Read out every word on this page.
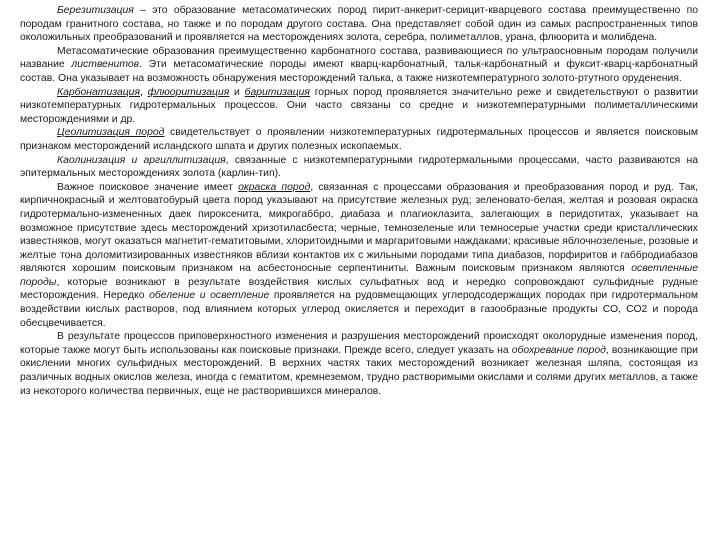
Березитизация – это образование метасоматических пород пирит-анкерит-серицит-кварцевого состава преимущественно по породам гранитного состава, но также и по породам другого состава. Она представляет собой один из самых распространенных типов околожильных преобразований и проявляется на месторождениях золота, серебра, полиметаллов, урана, флюорита и молибдена.

Метасоматические образования преимущественно карбонатного состава, развивающиеся по ультраосновным породам получили название лиственитов. Эти метасоматические породы имеют кварц-карбонатный, тальк-карбонатный и фуксит-кварц-карбонатный состав. Она указывает на возможность обнаружения месторождений талька, а также низкотемпературного золото-ртутного оруденения.

Карбонатизация, флюоритизация и баритизация горных пород проявляется значительно реже и свидетельствуют о развитии низкотемпературных гидротермальных процессов. Они часто связаны со средне и низкотемпературными полиметаллическими месторождениями и др.

Цеолитизация пород свидетельствует о проявлении низкотемпературных гидротермальных процессов и является поисковым признаком месторождений исландского шпата и других полезных ископаемых.

Каолинизация и аргиллитизация, связанные с низкотемпературными гидротермальными процессами, часто развиваются на эпитермальных месторождениях золота (карлин-тип).

Важное поисковое значение имеет окраска пород, связанная с процессами образования и преобразования пород и руд. Так, кирпичнокрасный и желтоватобурый цвета пород указывают на присутствие железных руд; зеленовато-белая, желтая и розовая окраска гидротермально-измененных даек пироксенита, микрогаббро, диабаза и плагиоклазита, залегающих в перидотитах, указывает на возможное присутствие здесь месторождений хризотиласбеста; черные, темнозеленые или темносерые участки среди кристаллических известняков, могут оказаться магнетит-гематитовыми, хлоритоидными и маргаритовыми наждаками; красивые яблочнозеленые, розовые и желтые тона доломитизированных известняков вблизи контактов их с жильными породами типа диабазов, порфиритов и габбродиабазов являются хорошим поисковым признаком на асбестоносные серпентиниты. Важным поисковым признаком являются осветленные породы, которые возникают в результате воздействия кислых сульфатных вод и нередко сопровождают сульфидные рудные месторождения. Нередко обеление и осветление проявляется на рудовмещающих углеродсодержащих породах при гидротермальном воздействии кислых растворов, под влиянием которых углерод окисляется и переходит в газообразные продукты СО, СО2 и порода обесцвечивается.

В результате процессов приповерхностного изменения и разрушения месторождений происходят околорудные изменения пород, которые также могут быть использованы как поисковые признаки. Прежде всего, следует указать на обохревание пород, возникающие при окислении многих сульфидных месторождений. В верхних частях таких месторождений возникает железная шляпа, состоящая из различных водных окислов железа, иногда с гематитом, кремнеземом, трудно растворимыми окислами и солями других металлов, а также из некоторого количества первичных, еще не растворившихся минералов.
